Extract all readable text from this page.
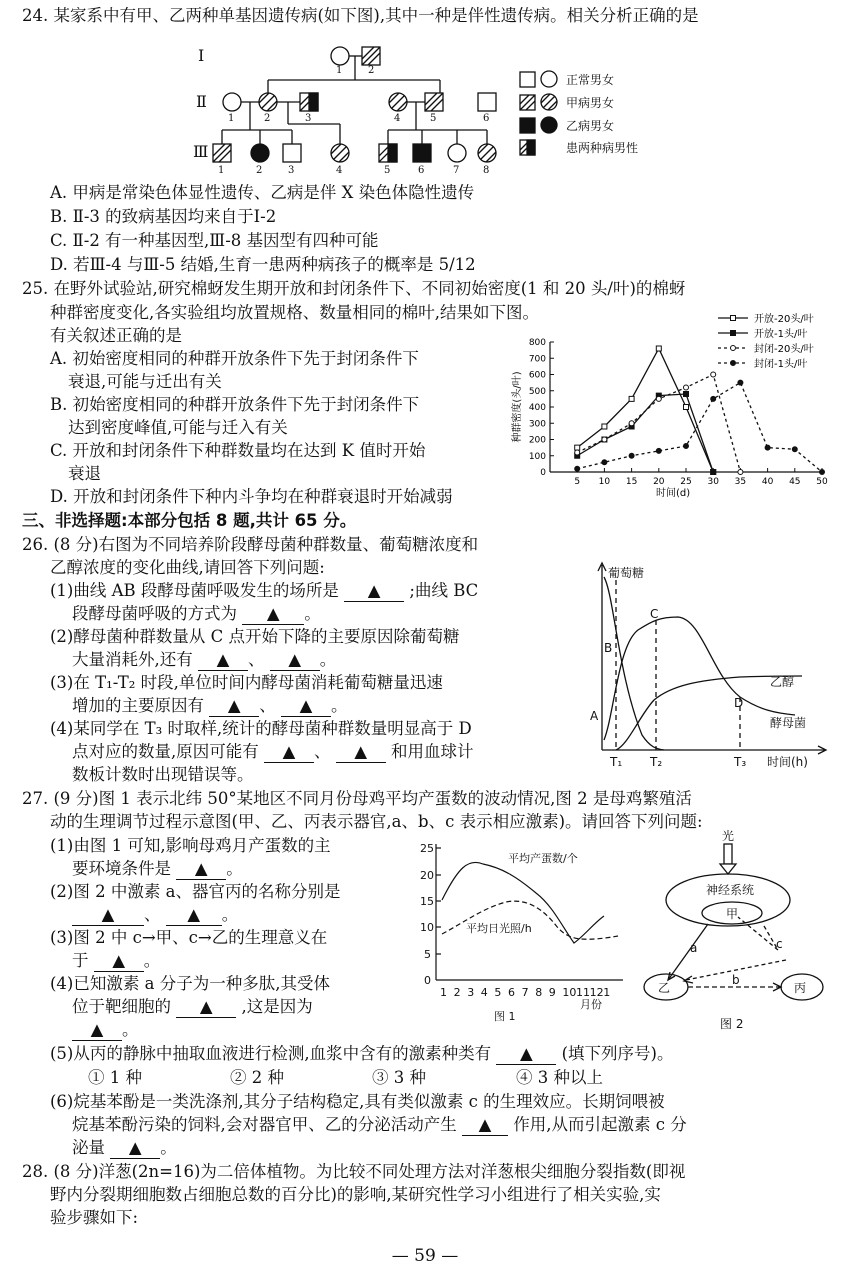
24. 某家系中有甲、乙两种单基因遗传病(如下图),其中一种是伴性遗传病。相关分析正确的是
1	2
1	2	3	4	5	6
1	2	3	4	5	6	7 8
Ⅰ
Ⅱ
Ⅲ
正常男女
甲病男女
乙病男女
患两种病男性
A. 甲病是常染色体显性遗传、乙病是伴 X 染色体隐性遗传
B. Ⅱ-3 的致病基因均来自于Ⅰ-2
C. Ⅱ-2 有一种基因型,Ⅲ-8 基因型有四种可能
D. 若Ⅲ-4 与Ⅲ-5 结婚,生育一患两种病孩子的概率是 5/12
25. 在野外试验站,研究棉蚜发生期开放和封闭条件下、不同初始密度(1 和 20 头/叶)的棉蚜
种群密度变化,各实验组均放置规格、数量相同的棉叶,结果如下图。
有关叙述正确的是
A. 初始密度相同的种群开放条件下先于封闭条件下
衰退,可能与迁出有关
B. 初始密度相同的种群开放条件下先于封闭条件下
达到密度峰值,可能与迁入有关
C. 开放和封闭条件下种群数量均在达到 K 值时开始
衰退
D. 开放和封闭条件下种内斗争均在种群衰退时开始减弱
0
100
200
300
400
500
600
700
800
5 10 15 20 25 30 35 40 45 50
时间(d)
种群密度(头/叶)
开放-20头/叶
开放-1头/叶
封闭-20头/叶
封闭-1头/叶
三、非选择题:本部分包括 8 题,共计 65 分。
26. (8 分)右图为不同培养阶段酵母菌种群数量、葡萄糖浓度和
乙醇浓度的变化曲线,请回答下列问题:
(1)曲线 AB 段酵母菌呼吸发生的场所是 ▲ ;曲线 BC
段酵母菌呼吸的方式为 ▲ 。
(2)酵母菌种群数量从 C 点开始下降的主要原因除葡萄糖
大量消耗外,还有 ▲ 、 ▲ 。
(3)在 T₁-T₂ 时段,单位时间内酵母菌消耗葡萄糖量迅速
增加的主要原因有 ▲ 、 ▲ 。
(4)某同学在 T₃ 时取样,统计的酵母菌种群数量明显高于 D
点对应的数量,原因可能有 ▲ 、 ▲ 和用血球计
数板计数时出现错误等。
葡萄糖
乙醇
酵母菌
A
B
C
D
T₁ T₂	T₃ 时间(h)
27. (9 分)图 1 表示北纬 50°某地区不同月份母鸡平均产蛋数的波动情况,图 2 是母鸡繁殖活
动的生理调节过程示意图(甲、乙、丙表示器官,a、b、c 表示相应激素)。请回答下列问题:
(1)由图 1 可知,影响母鸡月产蛋数的主
要环境条件是 ▲ 。
(2)图 2 中激素 a、器官丙的名称分别是
▲ 、 ▲ 。
(3)图 2 中 c→甲、c→乙的生理意义在
于 ▲ 。
(4)已知激素 a 分子为一种多肽,其受体
位于靶细胞的 ▲ ,这是因为
▲ 。
(5)从丙的静脉中抽取血液进行检测,血浆中含有的激素种类有 ▲ (填下列序号)。
① 1 种	② 2 种	③ 3 种	④ 3 种以上
(6)烷基苯酚是一类洗涤剂,其分子结构稳定,具有类似激素 c 的生理效应。长期饲喂被
烷基苯酚污染的饲料,会对器官甲、乙的分泌活动产生 ▲ 作用,从而引起激素 c 分
泌量 ▲ 。
25
20
15
10
5
0
平均产蛋数/个
平均日光照/h
月份
图 1
1 2 3 4 5 6 7 8 9 10 11 12 1
光
神经系统
甲
乙	丙
a
b
c
图 2
28. (8 分)洋葱(2n=16)为二倍体植物。为比较不同处理方法对洋葱根尖细胞分裂指数(即视
野内分裂期细胞数占细胞总数的百分比)的影响,某研究性学习小组进行了相关实验,实
验步骤如下:
— 59 —
